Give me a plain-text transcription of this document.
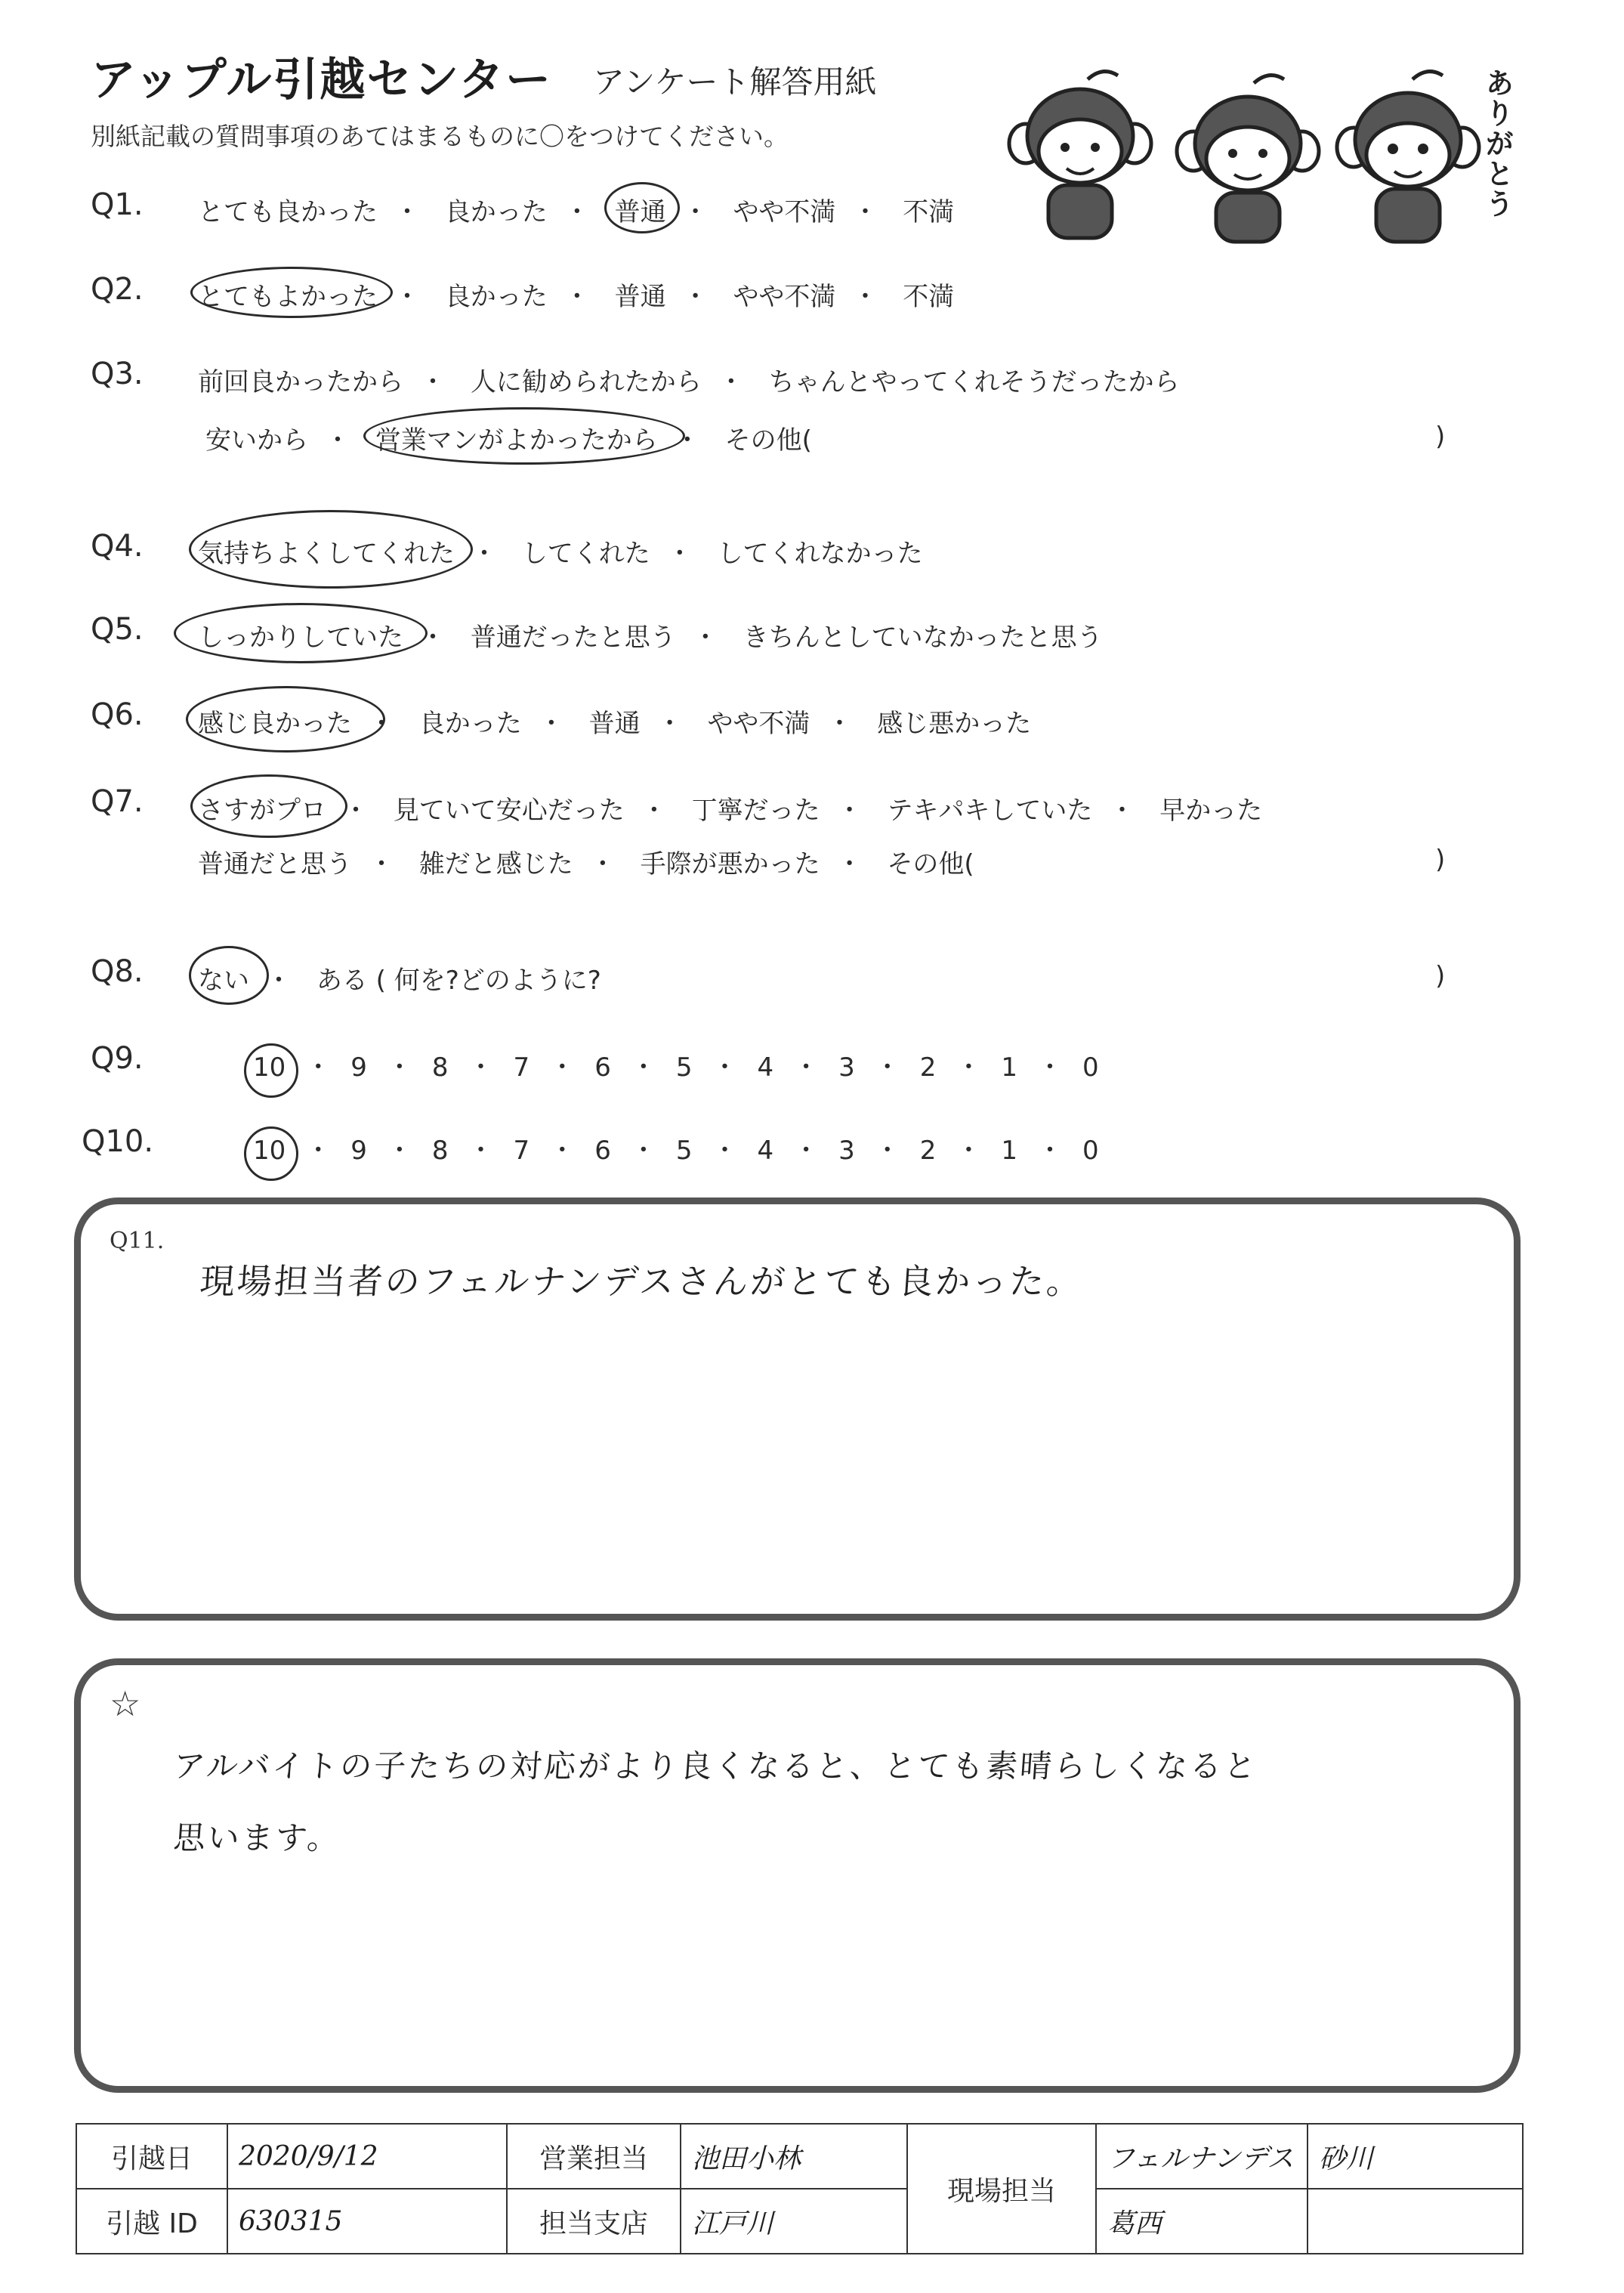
アップル引越センター アンケート解答用紙
別紙記載の質問事項のあてはまるものに〇をつけてください。	ありがとう
Q1. とても良かった ・ 良かった ・ 普通 ・ やや不満 ・ 不満
Q2. とてもよかった ・ 良かった ・ 普通 ・ やや不満 ・ 不満
Q3. 前回良かったから ・ 人に勧められたから ・ ちゃんとやってくれそうだったから
安いから ・ 営業マンがよかったから ・ その他(	)
Q4. 気持ちよくしてくれた ・ してくれた ・ してくれなかった
Q5. しっかりしていた ・ 普通だったと思う ・ きちんとしていなかったと思う
Q6. 感じ良かった ・ 良かった ・ 普通 ・ やや不満 ・ 感じ悪かった
Q7. さすがプロ ・ 見ていて安心だった ・ 丁寧だった ・ テキパキしていた ・ 早かった
普通だと思う ・ 雑だと感じた ・ 手際が悪かった ・ その他(	)
Q8. ない ・ ある ( 何を?どのように?	)
Q9.	10 ・ 9 ・ 8 ・ 7 ・ 6 ・ 5 ・ 4 ・ 3 ・ 2 ・ 1 ・ 0
Q10.	10 ・ 9 ・ 8 ・ 7 ・ 6 ・ 5 ・ 4 ・ 3 ・ 2 ・ 1 ・ 0
Q11.
現場担当者のフェルナンデスさんがとても良かった。
☆
アルバイトの子たちの対応がより良くなると、とても素晴らしくなると
思います。
引越日	2020/9/12	営業担当	池田小林	現場担当	フェルナンデス	砂川
引越 ID	630315	担当支店	江戸川		葛西	
